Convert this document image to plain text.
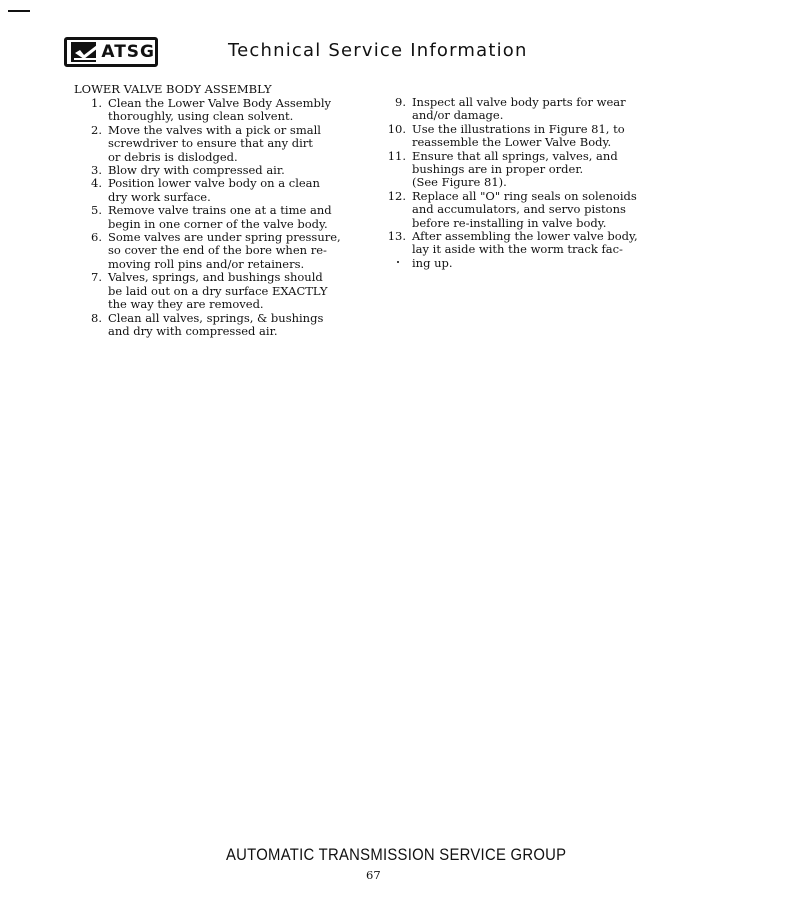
ATSG	Technical Service Information
LOWER VALVE BODY ASSEMBLY
1. Clean the Lower Valve Body Assembly
thoroughly, using clean solvent.
2. Move the valves with a pick or small
screwdriver to ensure that any dirt
or debris is dislodged.
3. Blow dry with compressed air.
4. Position lower valve body on a clean
dry work surface.
5. Remove valve trains one at a time and
begin in one corner of the valve body.
6. Some valves are under spring pressure,
so cover the end of the bore when re-
moving roll pins and/or retainers.
7. Valves, springs, and bushings should
be laid out on a dry surface EXACTLY
the way they are removed.
8. Clean all valves, springs, & bushings
and dry with compressed air.
9. Inspect all valve body parts for wear
and/or damage.
10. Use the illustrations in Figure 81, to
reassemble the Lower Valve Body.
11. Ensure that all springs, valves, and
bushings are in proper order.
(See Figure 81).
12. Replace all "O" ring seals on solenoids
and accumulators, and servo pistons
before re-installing in valve body.
13. After assembling the lower valve body,
lay it aside with the worm track fac-
ing up.
AUTOMATIC TRANSMISSION SERVICE GROUP
67
